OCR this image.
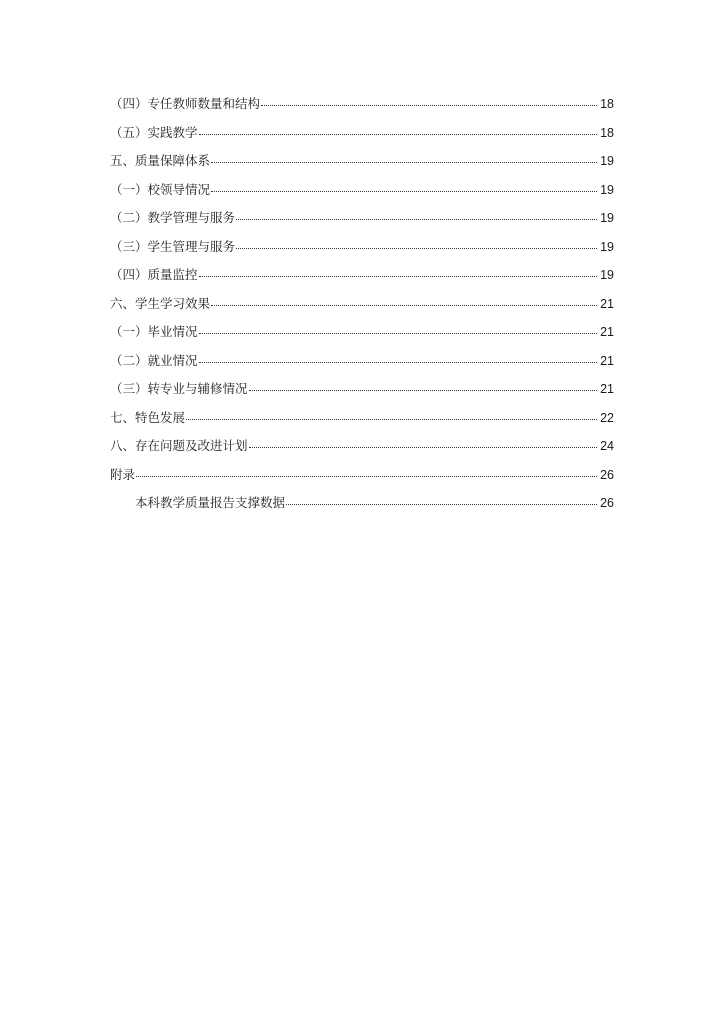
（四）专任教师数量和结构	18
（五）实践教学	18
五、质量保障体系	19
（一）校领导情况	19
（二）教学管理与服务	19
（三）学生管理与服务	19
（四）质量监控	19
六、学生学习效果	21
（一）毕业情况	21
（二）就业情况	21
（三）转专业与辅修情况	21
七、特色发展	22
八、存在问题及改进计划	24
附录	26
本科教学质量报告支撑数据	26
